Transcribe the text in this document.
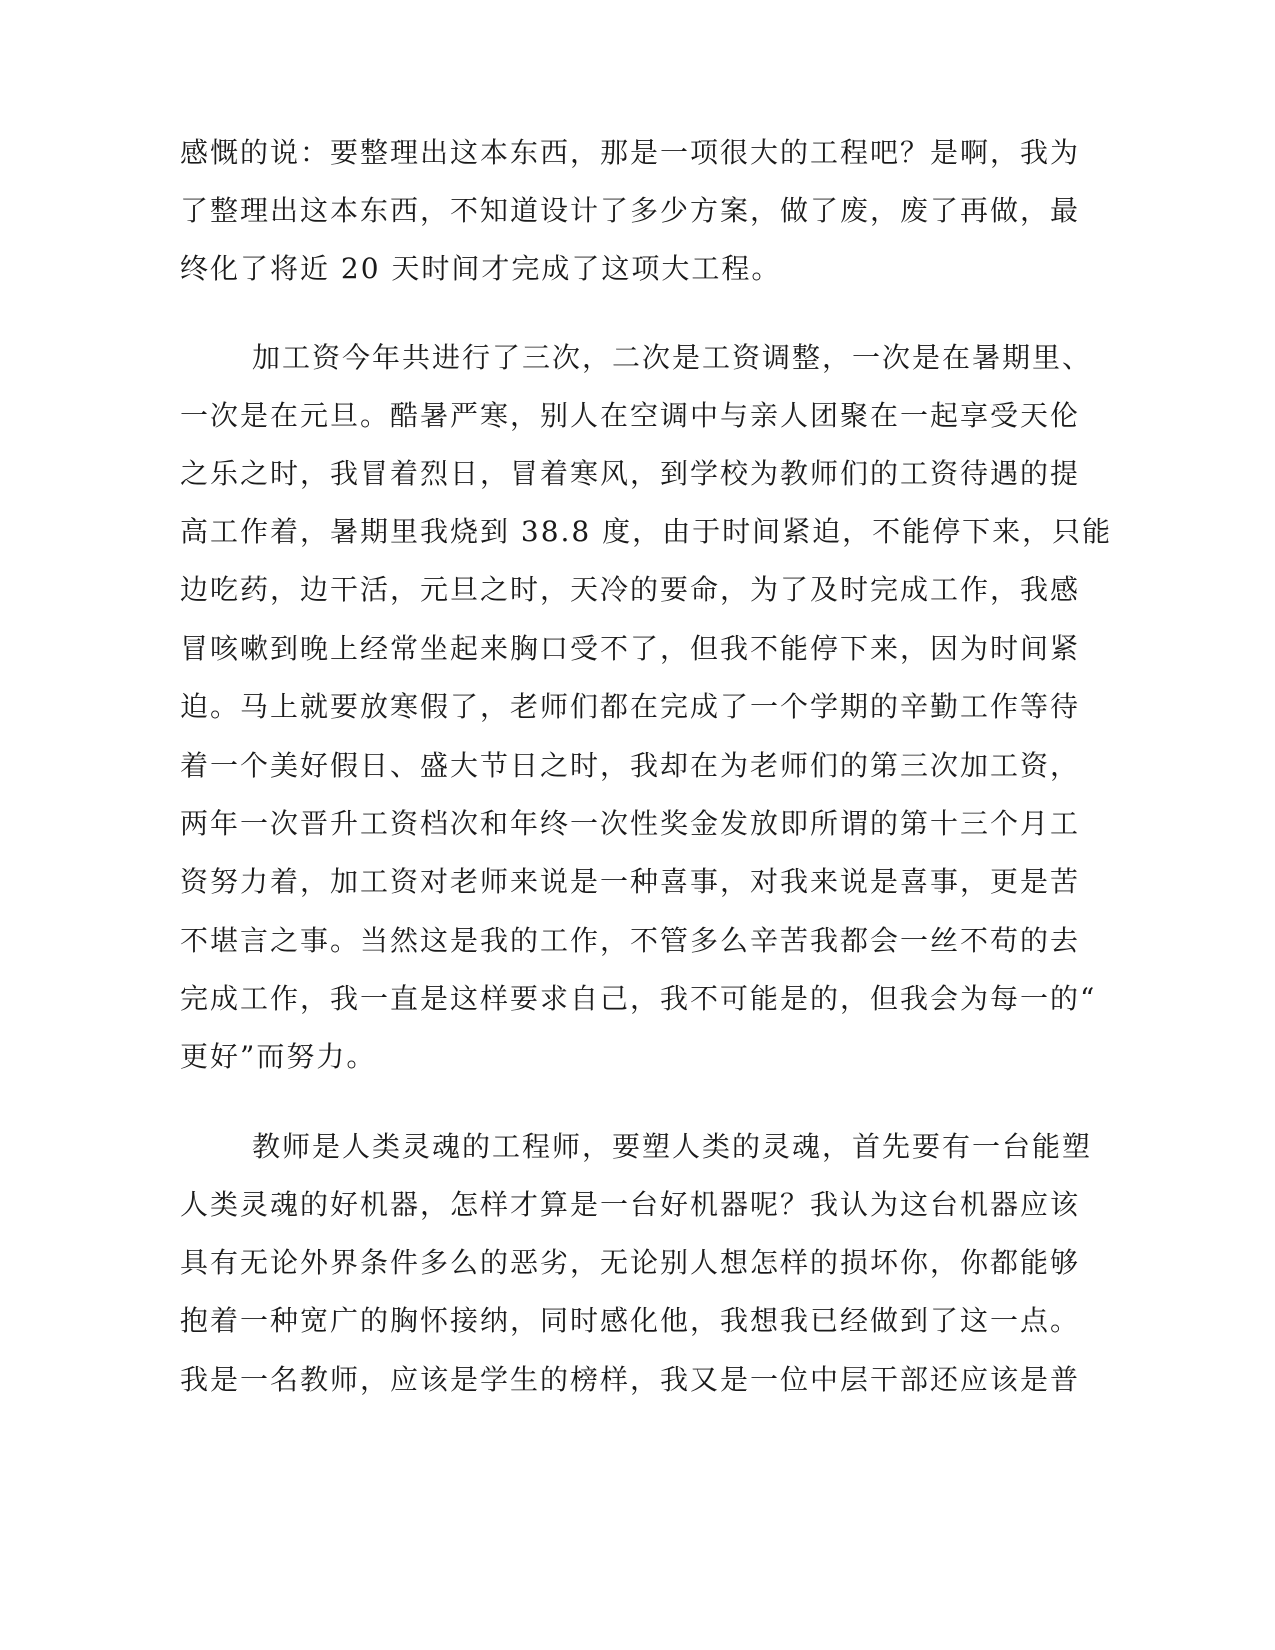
感慨的说：要整理出这本东西，那是一项很大的工程吧？是啊，我为
了整理出这本东西，不知道设计了多少方案，做了废，废了再做，最
终化了将近 20 天时间才完成了这项大工程。
加工资今年共进行了三次，二次是工资调整，一次是在暑期里、
一次是在元旦。酷暑严寒，别人在空调中与亲人团聚在一起享受天伦
之乐之时，我冒着烈日，冒着寒风，到学校为教师们的工资待遇的提
高工作着，暑期里我烧到 38.8 度，由于时间紧迫，不能停下来，只能
边吃药，边干活，元旦之时，天冷的要命，为了及时完成工作，我感
冒咳嗽到晚上经常坐起来胸口受不了，但我不能停下来，因为时间紧
迫。马上就要放寒假了，老师们都在完成了一个学期的辛勤工作等待
着一个美好假日、盛大节日之时，我却在为老师们的第三次加工资，
两年一次晋升工资档次和年终一次性奖金发放即所谓的第十三个月工
资努力着，加工资对老师来说是一种喜事，对我来说是喜事，更是苦
不堪言之事。当然这是我的工作，不管多么辛苦我都会一丝不苟的去
完成工作，我一直是这样要求自己，我不可能是的，但我会为每一的“
更好”而努力。
教师是人类灵魂的工程师，要塑人类的灵魂，首先要有一台能塑
人类灵魂的好机器，怎样才算是一台好机器呢？我认为这台机器应该
具有无论外界条件多么的恶劣，无论别人想怎样的损坏你，你都能够
抱着一种宽广的胸怀接纳，同时感化他，我想我已经做到了这一点。
我是一名教师，应该是学生的榜样，我又是一位中层干部还应该是普
